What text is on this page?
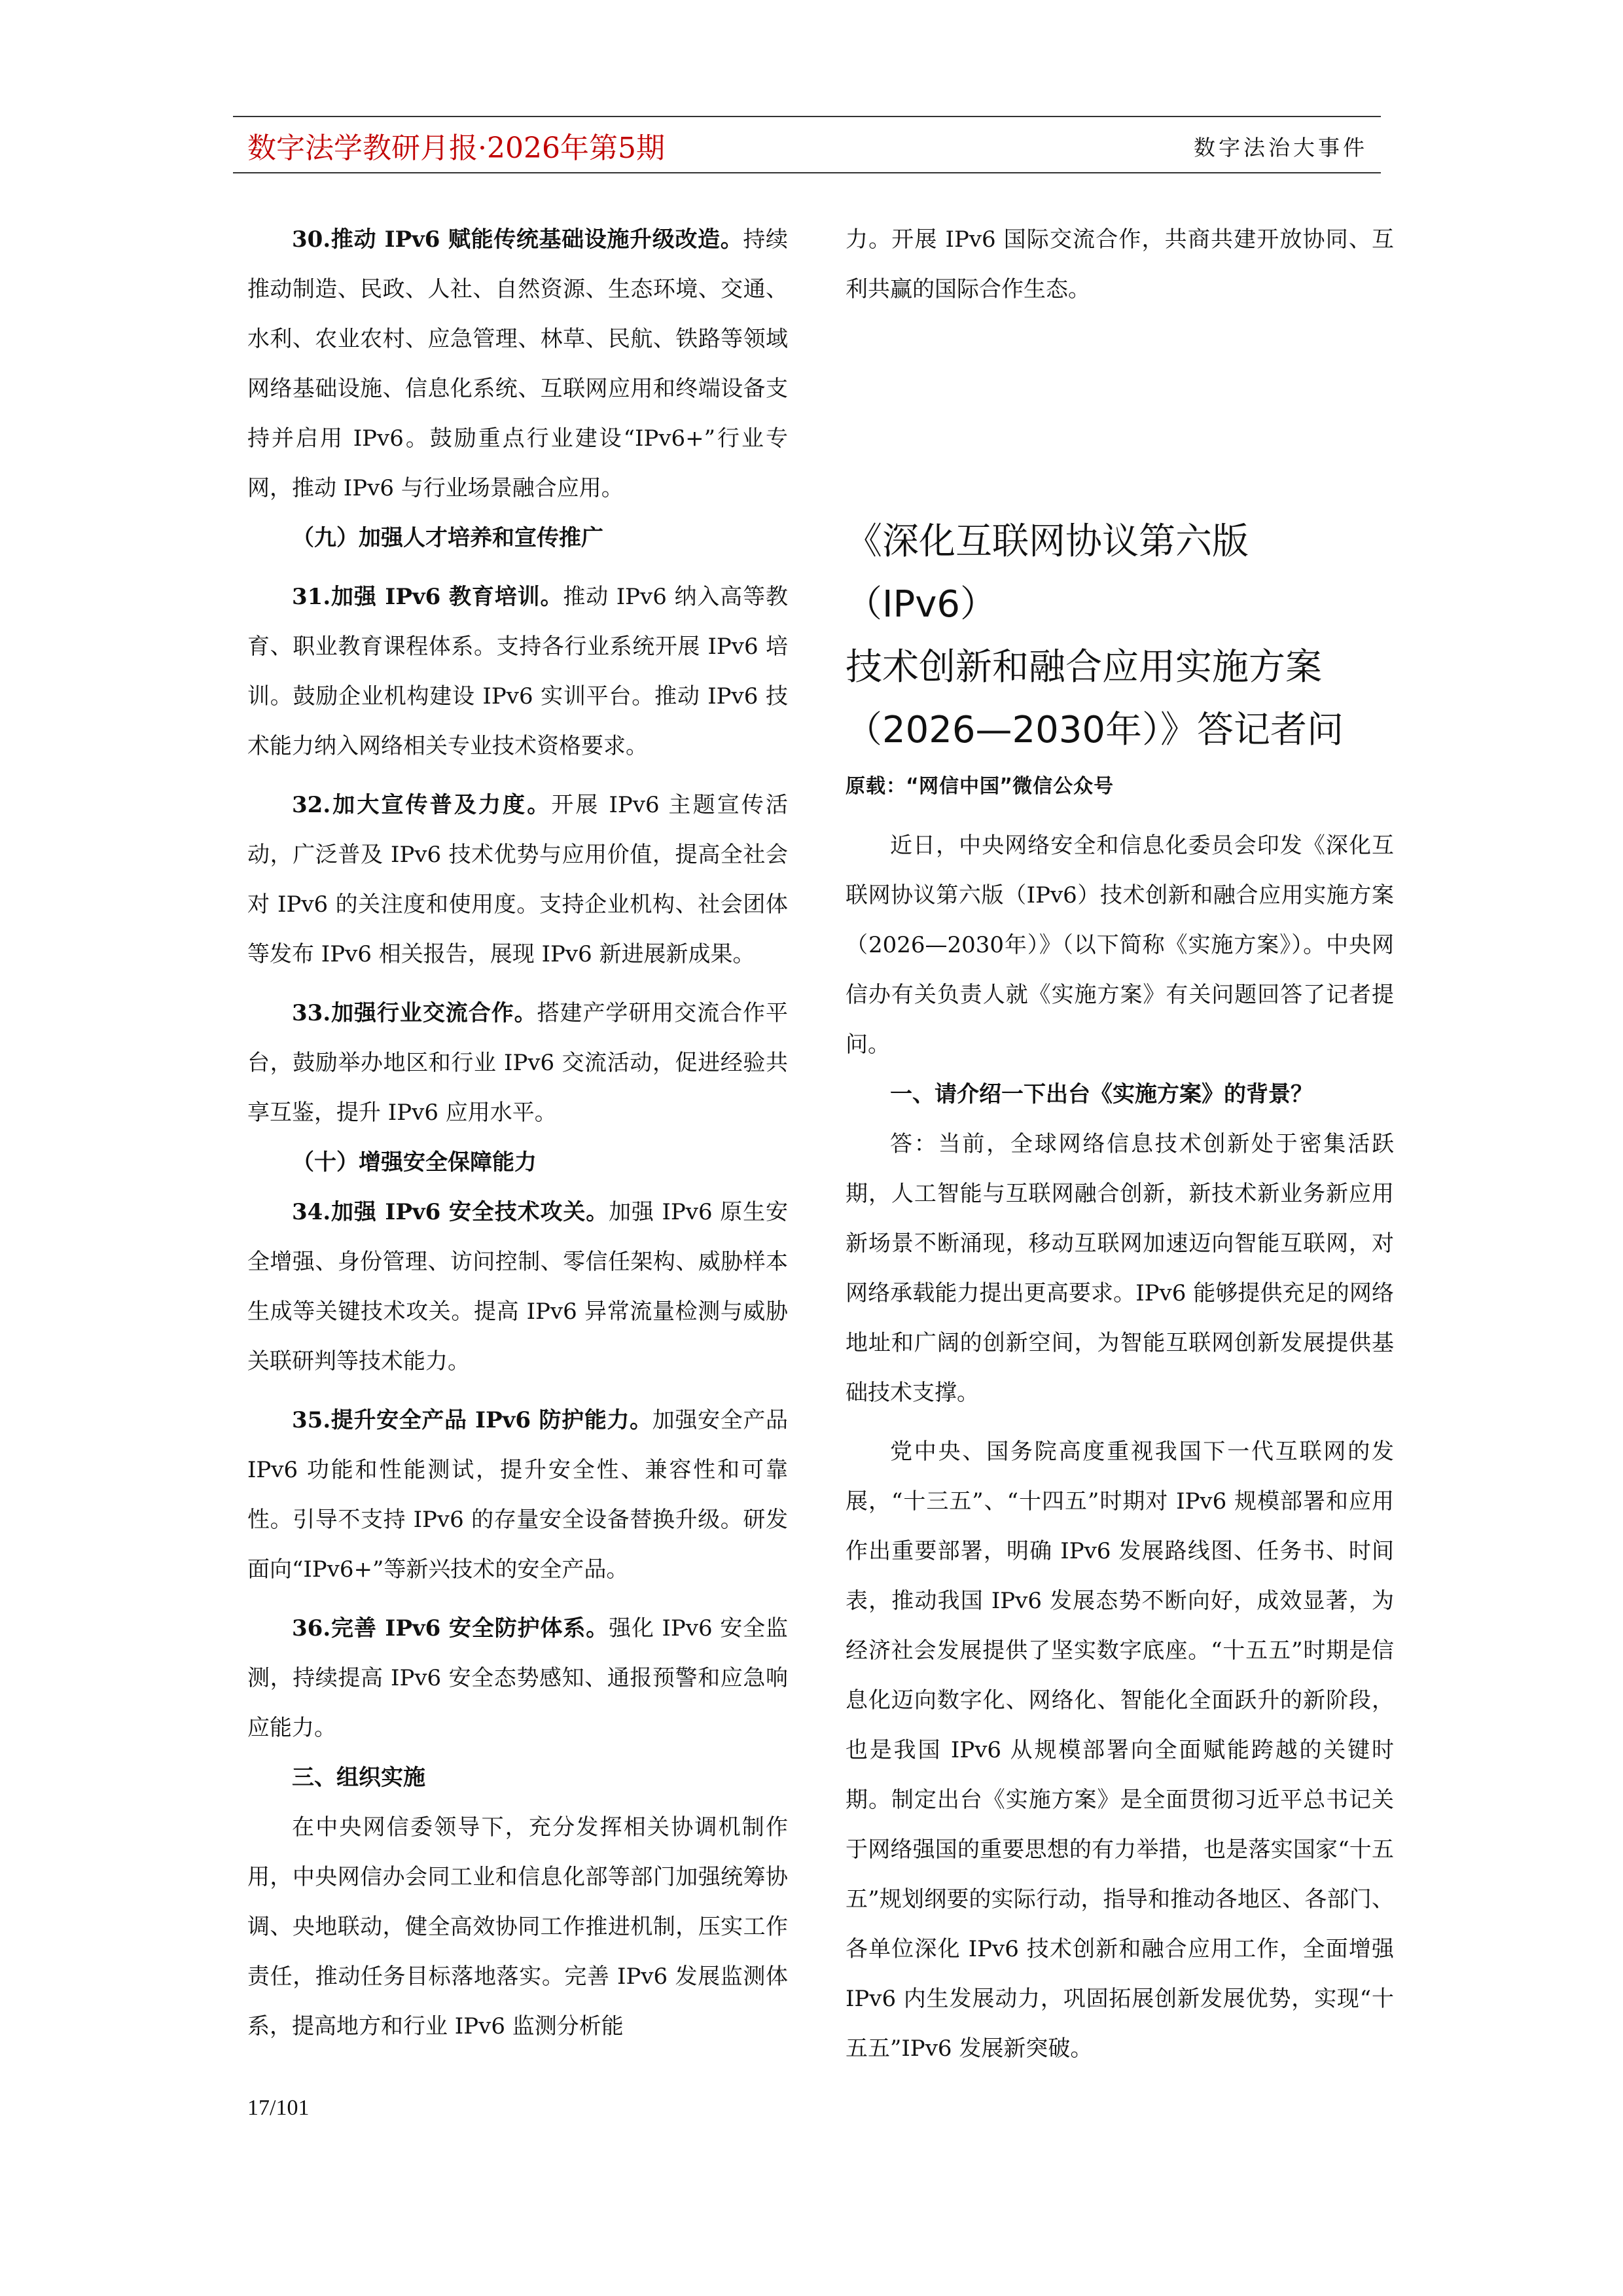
数字法学教研月报·2026年第5期	数字法治大事件

30.推动 IPv6 赋能传统基础设施升级改造。持续推动制造、民政、人社、自然资源、生态环境、交通、水利、农业农村、应急管理、林草、民航、铁路等领域网络基础设施、信息化系统、互联网应用和终端设备支持并启用 IPv6。鼓励重点行业建设“IPv6+”行业专网，推动 IPv6 与行业场景融合应用。

（九）加强人才培养和宣传推广

31.加强 IPv6 教育培训。推动 IPv6 纳入高等教育、职业教育课程体系。支持各行业系统开展 IPv6 培训。鼓励企业机构建设 IPv6 实训平台。推动 IPv6 技术能力纳入网络相关专业技术资格要求。

32.加大宣传普及力度。开展 IPv6 主题宣传活动，广泛普及 IPv6 技术优势与应用价值，提高全社会对 IPv6 的关注度和使用度。支持企业机构、社会团体等发布 IPv6 相关报告，展现 IPv6 新进展新成果。

33.加强行业交流合作。搭建产学研用交流合作平台，鼓励举办地区和行业 IPv6 交流活动，促进经验共享互鉴，提升 IPv6 应用水平。

（十）增强安全保障能力

34.加强 IPv6 安全技术攻关。加强 IPv6 原生安全增强、身份管理、访问控制、零信任架构、威胁样本生成等关键技术攻关。提高 IPv6 异常流量检测与威胁关联研判等技术能力。

35.提升安全产品 IPv6 防护能力。加强安全产品 IPv6 功能和性能测试，提升安全性、兼容性和可靠性。引导不支持 IPv6 的存量安全设备替换升级。研发面向“IPv6+”等新兴技术的安全产品。

36.完善 IPv6 安全防护体系。强化 IPv6 安全监测，持续提高 IPv6 安全态势感知、通报预警和应急响应能力。

三、组织实施

在中央网信委领导下，充分发挥相关协调机制作用，中央网信办会同工业和信息化部等部门加强统筹协调、央地联动，健全高效协同工作推进机制，压实工作责任，推动任务目标落地落实。完善 IPv6 发展监测体系，提高地方和行业 IPv6 监测分析能

力。开展 IPv6 国际交流合作，共商共建开放协同、互利共赢的国际合作生态。

《深化互联网协议第六版（IPv6）
技术创新和融合应用实施方案
（2026—2030年）》答记者问

原载：“网信中国”微信公众号

近日，中央网络安全和信息化委员会印发《深化互联网协议第六版（IPv6）技术创新和融合应用实施方案（2026—2030年）》（以下简称《实施方案》）。中央网信办有关负责人就《实施方案》有关问题回答了记者提问。

一、请介绍一下出台《实施方案》的背景？

答：当前，全球网络信息技术创新处于密集活跃期，人工智能与互联网融合创新，新技术新业务新应用新场景不断涌现，移动互联网加速迈向智能互联网，对网络承载能力提出更高要求。IPv6 能够提供充足的网络地址和广阔的创新空间，为智能互联网创新发展提供基础技术支撑。

党中央、国务院高度重视我国下一代互联网的发展，“十三五”、“十四五”时期对 IPv6 规模部署和应用作出重要部署，明确 IPv6 发展路线图、任务书、时间表，推动我国 IPv6 发展态势不断向好，成效显著，为经济社会发展提供了坚实数字底座。“十五五”时期是信息化迈向数字化、网络化、智能化全面跃升的新阶段，也是我国 IPv6 从规模部署向全面赋能跨越的关键时期。制定出台《实施方案》是全面贯彻习近平总书记关于网络强国的重要思想的有力举措，也是落实国家“十五五”规划纲要的实际行动，指导和推动各地区、各部门、各单位深化 IPv6 技术创新和融合应用工作，全面增强 IPv6 内生发展动力，巩固拓展创新发展优势，实现“十五五”IPv6 发展新突破。

17/101
